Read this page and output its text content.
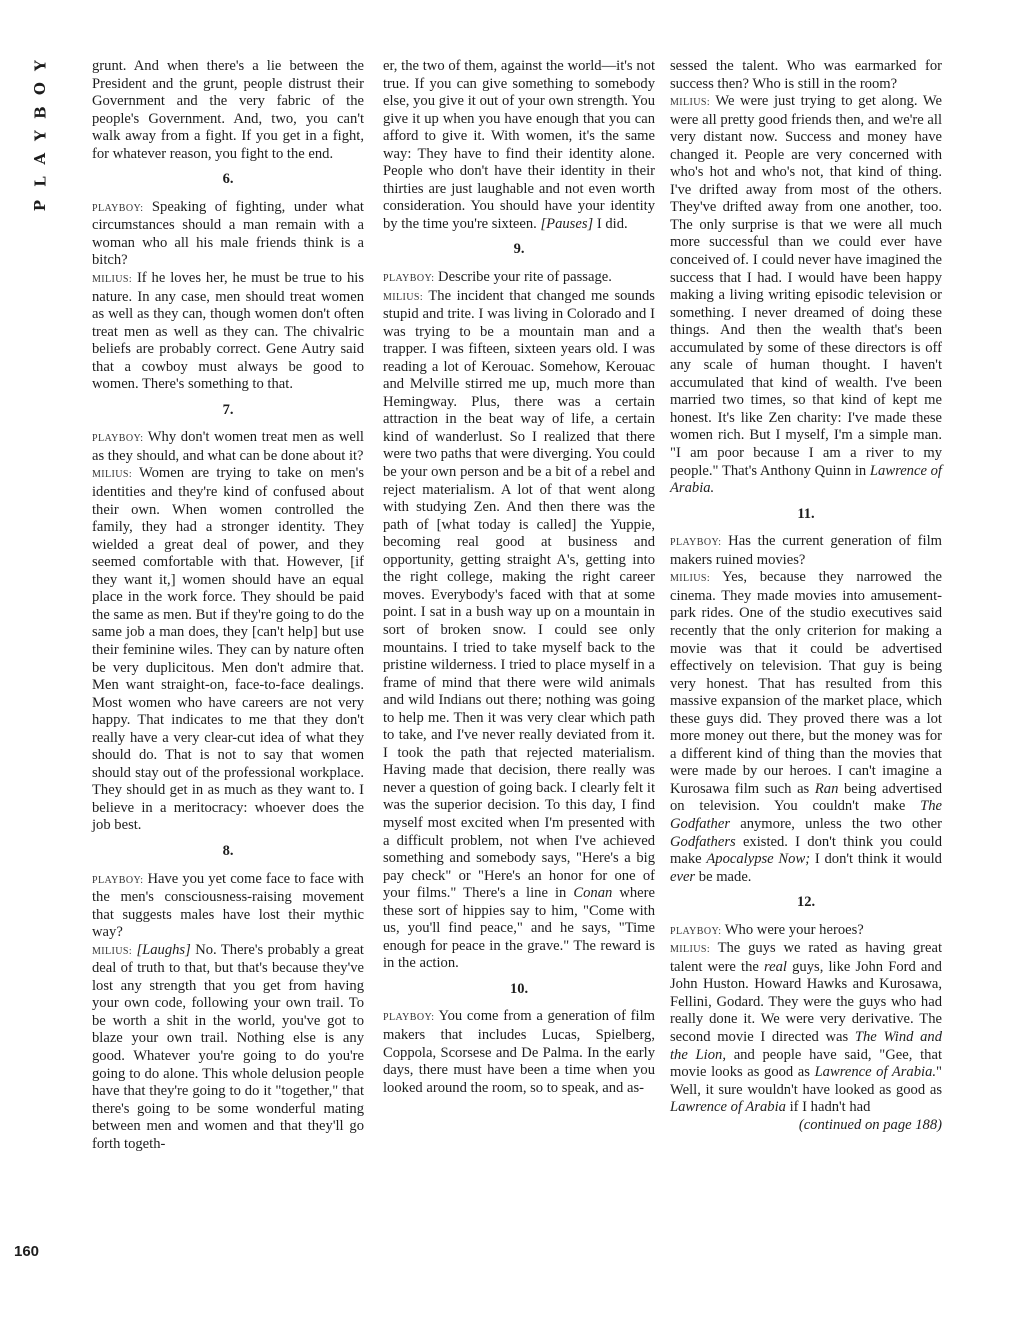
Y
O
B
Y
A
L
P
160

grunt. And when there's a lie between the President and the grunt, people distrust their Government and the very fabric of the people's Government. And, two, you can't walk away from a fight. If you get in a fight, for whatever reason, you fight to the end.

6.

PLAYBOY: Speaking of fighting, under what circumstances should a man remain with a woman who all his male friends think is a bitch?

MILIUS: If he loves her, he must be true to his nature. In any case, men should treat women as well as they can, though women don't often treat men as well as they can. The chivalric beliefs are probably correct. Gene Autry said that a cowboy must always be good to women. There's something to that.

7.

PLAYBOY: Why don't women treat men as well as they should, and what can be done about it?

MILIUS: Women are trying to take on men's identities and they're kind of confused about their own. When women controlled the family, they had a stronger identity. They wielded a great deal of power, and they seemed comfortable with that. However, [if they want it,] women should have an equal place in the work force. They should be paid the same as men. But if they're going to do the same job a man does, they [can't help] but use their feminine wiles. They can by nature often be very duplicitous. Men don't admire that. Men want straight-on, face-to-face dealings. Most women who have careers are not very happy. That indicates to me that they don't really have a very clear-cut idea of what they should do. That is not to say that women should stay out of the professional workplace. They should get in as much as they want to. I believe in a meritocracy: whoever does the job best.

8.

PLAYBOY: Have you yet come face to face with the men's consciousness-raising movement that suggests males have lost their mythic way?

MILIUS: [Laughs] No. There's probably a great deal of truth to that, but that's because they've lost any strength that you get from having your own code, following your own trail. To be worth a shit in the world, you've got to blaze your own trail. Nothing else is any good. Whatever you're going to do you're going to do alone. This whole delusion people have that they're going to do it "together," that there's going to be some wonderful mating between men and women and that they'll go forth togeth-

er, the two of them, against the world—it's not true. If you can give something to somebody else, you give it out of your own strength. You give it up when you have enough that you can afford to give it. With women, it's the same way: They have to find their identity alone. People who don't have their identity in their thirties are just laughable and not even worth consideration. You should have your identity by the time you're sixteen. [Pauses] I did.

9.

PLAYBOY: Describe your rite of passage.

MILIUS: The incident that changed me sounds stupid and trite. I was living in Colorado and I was trying to be a mountain man and a trapper. I was fifteen, sixteen years old. I was reading a lot of Kerouac. Somehow, Kerouac and Melville stirred me up, much more than Hemingway. Plus, there was a certain attraction in the beat way of life, a certain kind of wanderlust. So I realized that there were two paths that were diverging. You could be your own person and be a bit of a rebel and reject materialism. A lot of that went along with studying Zen. And then there was the path of [what today is called] the Yuppie, becoming real good at business and opportunity, getting straight A's, getting into the right college, making the right career moves. Everybody's faced with that at some point. I sat in a bush way up on a mountain in sort of broken snow. I could see only mountains. I tried to take myself back to the pristine wilderness. I tried to place myself in a frame of mind that there were wild animals and wild Indians out there; nothing was going to help me. Then it was very clear which path to take, and I've never really deviated from it. I took the path that rejected materialism. Having made that decision, there really was never a question of going back. I clearly felt it was the superior decision. To this day, I find myself most excited when I'm presented with a difficult problem, not when I've achieved something and somebody says, "Here's a big pay check" or "Here's an honor for one of your films." There's a line in Conan where these sort of hippies say to him, "Come with us, you'll find peace," and he says, "Time enough for peace in the grave." The reward is in the action.

10.

PLAYBOY: You come from a generation of film makers that includes Lucas, Spielberg, Coppola, Scorsese and De Palma. In the early days, there must have been a time when you looked around the room, so to speak, and as-

sessed the talent. Who was earmarked for success then? Who is still in the room?

MILIUS: We were just trying to get along. We were all pretty good friends then, and we're all very distant now. Success and money have changed it. People are very concerned with who's hot and who's not, that kind of thing. I've drifted away from most of the others. They've drifted away from one another, too. The only surprise is that we were all much more successful than we could ever have conceived of. I could never have imagined the success that I had. I would have been happy making a living writing episodic television or something. I never dreamed of doing these things. And then the wealth that's been accumulated by some of these directors is off any scale of human thought. I haven't accumulated that kind of wealth. I've been married two times, so that kind of kept me honest. It's like Zen charity: I've made these women rich. But I myself, I'm a simple man. "I am poor because I am a river to my people." That's Anthony Quinn in Lawrence of Arabia.

11.

PLAYBOY: Has the current generation of film makers ruined movies?

MILIUS: Yes, because they narrowed the cinema. They made movies into amusement-park rides. One of the studio executives said recently that the only criterion for making a movie was that it could be advertised effectively on television. That guy is being very honest. That has resulted from this massive expansion of the market place, which these guys did. They proved there was a lot more money out there, but the money was for a different kind of thing than the movies that were made by our heroes. I can't imagine a Kurosawa film such as Ran being advertised on television. You couldn't make The Godfather anymore, unless the two other Godfathers existed. I don't think you could make Apocalypse Now; I don't think it would ever be made.

12.

PLAYBOY: Who were your heroes?

MILIUS: The guys we rated as having great talent were the real guys, like John Ford and John Huston. Howard Hawks and Kurosawa, Fellini, Godard. They were the guys who had really done it. We were very derivative. The second movie I directed was The Wind and the Lion, and people have said, "Gee, that movie looks as good as Lawrence of Arabia." Well, it sure wouldn't have looked as good as Lawrence of Arabia if I hadn't had

(continued on page 188)
